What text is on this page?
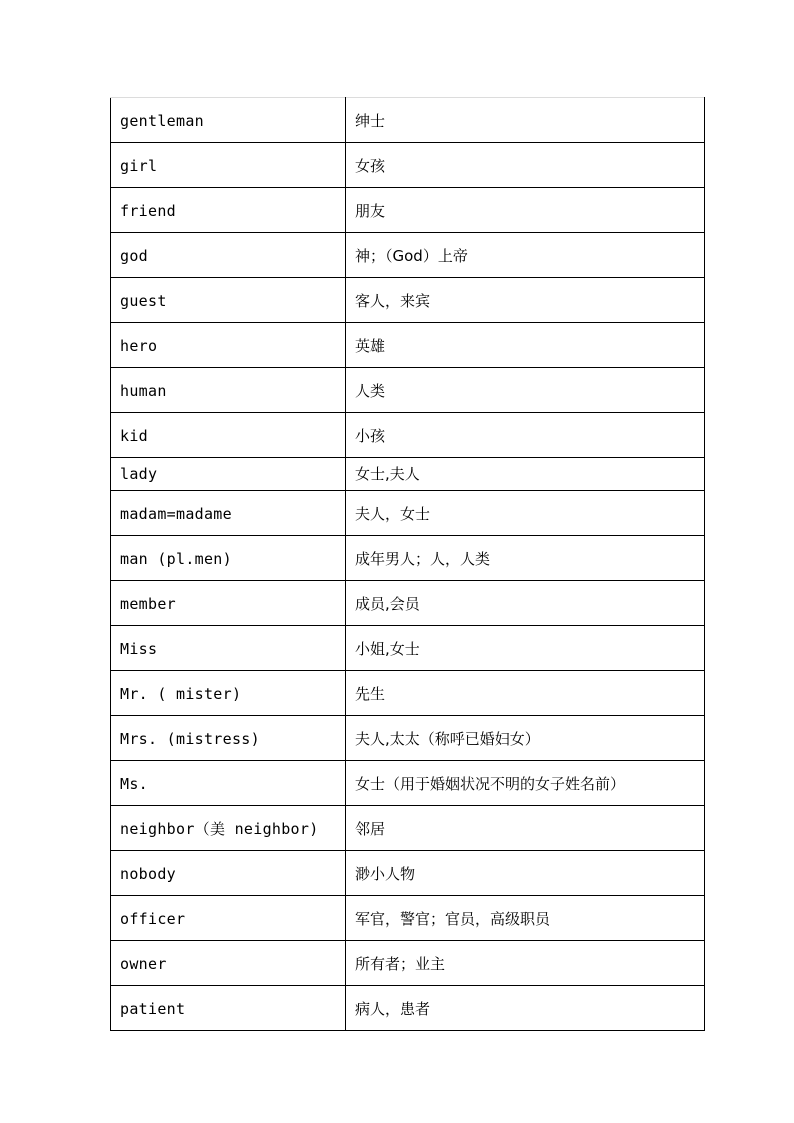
gentleman	绅士
girl	女孩
friend	朋友
god	神；（God）上帝
guest	客人，来宾
hero	英雄
human	人类
kid	小孩
lady	女士,夫人
madam=madame	夫人，女士
man (pl.men)	成年男人；人，人类
member	成员,会员
Miss	小姐,女士
Mr. ( mister)	先生
Mrs. (mistress)	夫人,太太（称呼已婚妇女）
Ms.	女士（用于婚姻状况不明的女子姓名前）
neighbor（美 neighbor)	邻居
nobody	渺小人物
officer	军官，警官；官员，高级职员
owner	所有者；业主
patient	病人，患者
